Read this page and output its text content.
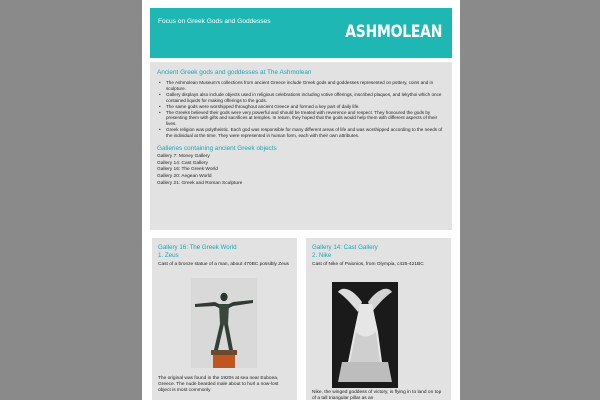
Focus on Greek Gods and Goddesses
ASHMOLEAN
Ancient Greek gods and goddesses at The Ashmolean
• The Ashmolean Museum's collections from ancient Greece include Greek gods and goddesses represented on pottery, coins and in sculpture.
• Gallery displays also include objects used in religious celebrations including votive offerings, inscribed plaques, and lekythoi which once contained liquids for making offerings to the gods.
• The same gods were worshipped throughout ancient Greece and formed a key part of daily life.
• The Greeks believed their gods were very powerful and should be treated with reverence and respect. They honoured the gods by presenting them with gifts and sacrifices at temples. In return, they hoped that the gods would help them with different aspects of their lives.
• Greek religion was polytheistic. Each god was responsible for many different areas of life and was worshipped according to the needs of the individual at the time. They were represented in human form, each with their own attributes.
Galleries containing ancient Greek objects
Gallery 7: Money Gallery
Gallery 14: Cast Gallery
Gallery 16: The Greek World
Gallery 20: Aegean World
Gallery 21: Greek and Roman Sculpture
Gallery 16: The Greek World
1. Zeus
Cast of a bronze statue of a man, about 470BC possibly Zeus
The original was found in the 1920s at sea near Euboea, Greece. The nude bearded male about to hurl a now-lost object is most commonly
Gallery 14: Cast Gallery
2. Nike
Cast of Nike of Paionios, from Olympia, c425-421BC
Nike, the winged goddess of victory, is flying in to land on top of a tall triangular pillar as an
